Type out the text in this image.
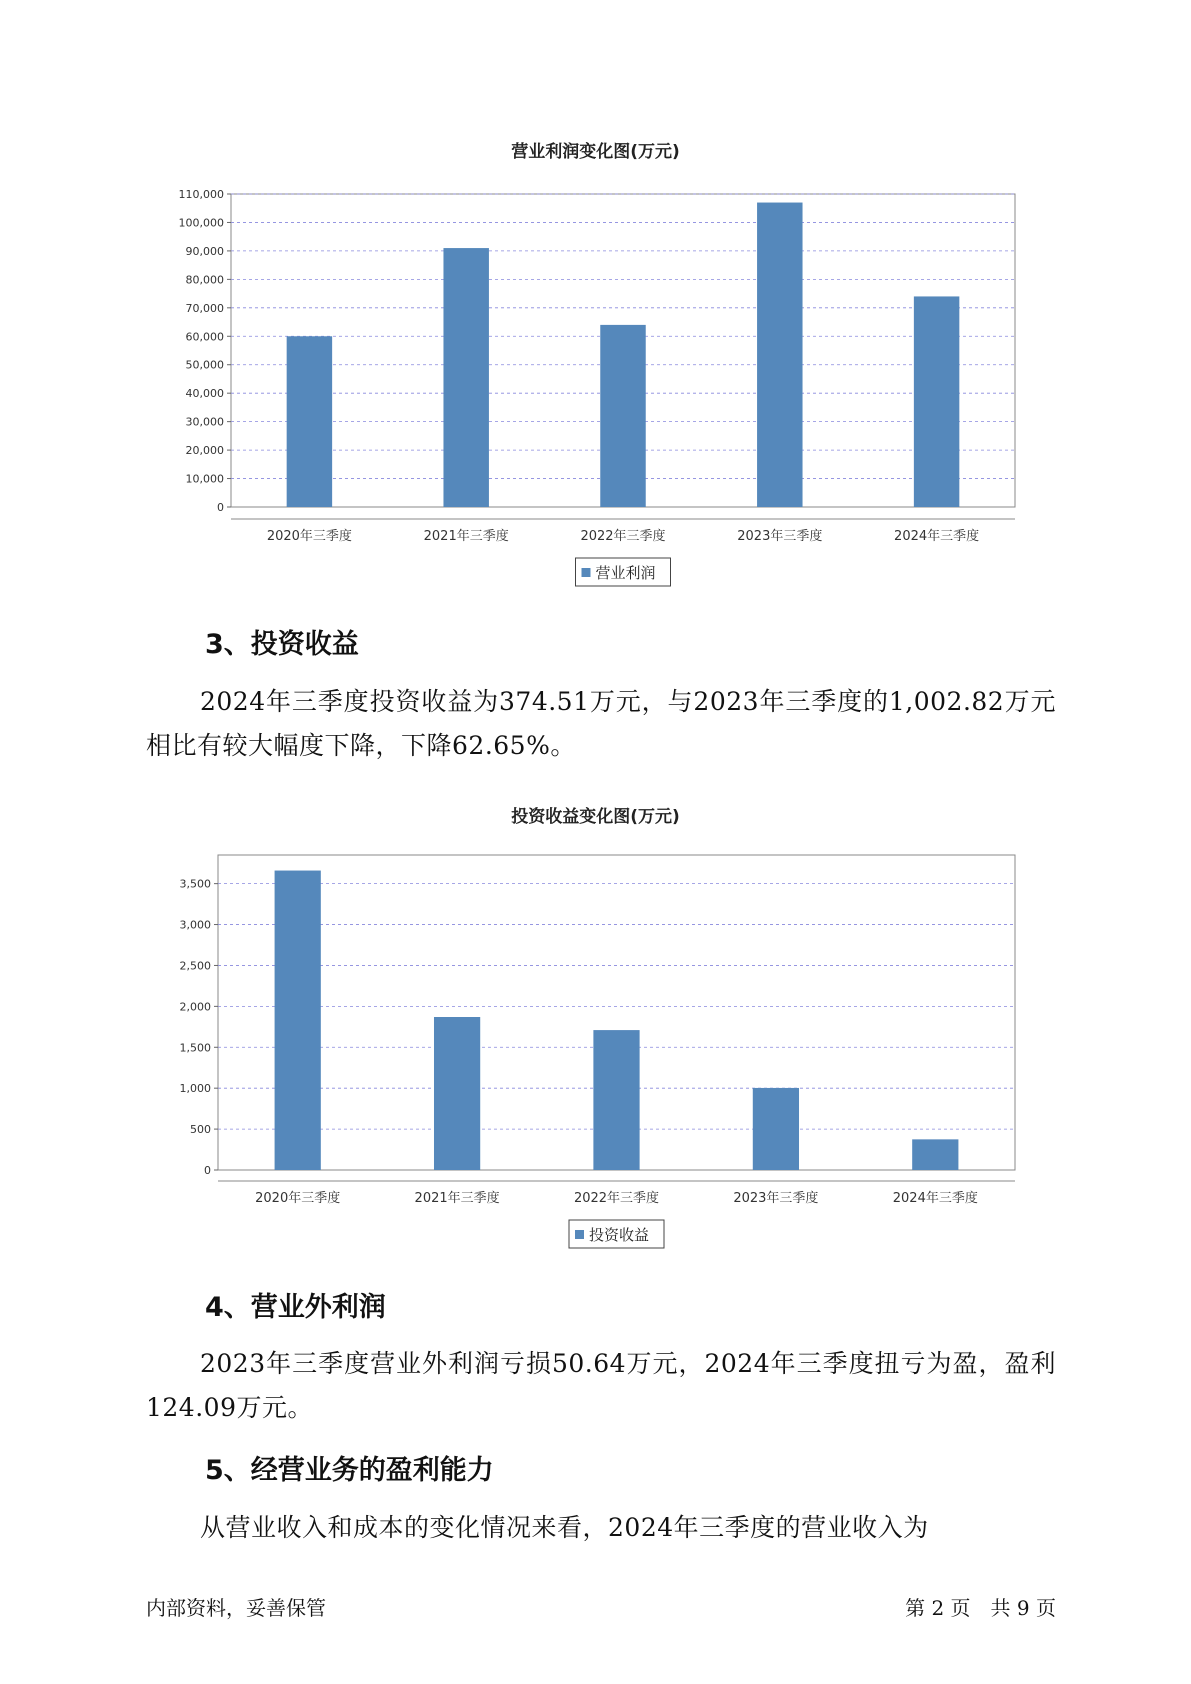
营业利润变化图(万元)
0
10,000
20,000
30,000
40,000
50,000
60,000
70,000
80,000
90,000
100,000
110,000
2020年三季度	2021年三季度	2022年三季度	2023年三季度	2024年三季度
营业利润
3、投资收益

2024年三季度投资收益为374.51万元，与2023年三季度的1,002.82万元相比有较大幅度下降，下降62.65%。

投资收益变化图(万元)
0
500
1,000
1,500
2,000
2,500
3,000
3,500
2020年三季度	2021年三季度	2022年三季度	2023年三季度	2024年三季度
投资收益
4、营业外利润

2023年三季度营业外利润亏损50.64万元，2024年三季度扭亏为盈，盈利124.09万元。

5、经营业务的盈利能力

从营业收入和成本的变化情况来看，2024年三季度的营业收入为

内部资料，妥善保管	第 2 页　共 9 页
